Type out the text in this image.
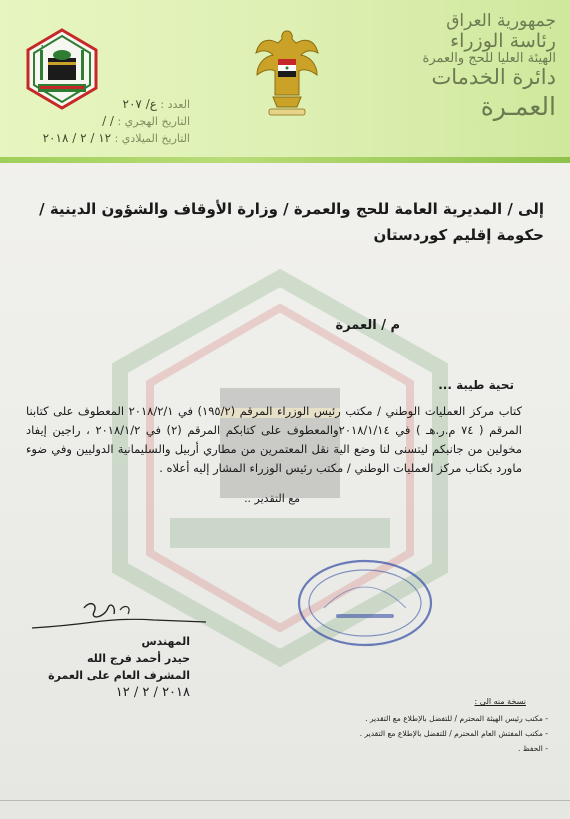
جمهورية العراق
رئاسة الوزراء
الهيئة العليا للحج والعمرة
دائرة الخدمات
العمـرة
العدد : ع/ ٢٠٧
التاريخ الهجري : / /
التاريخ الميلادي : ١٢ / ٢ / ٢٠١٨
إلى / المديرية العامة للحج والعمرة / وزارة الأوقاف والشؤون الدينية / حكومة إقليم كوردستان
م / العمرة
تحية طيبة ...
كتاب مركز العمليات الوطني / مكتب رئيس الوزراء المرقم (١٩٥/٢) في ٢٠١٨/٢/١ المعطوف على كتابنا المرقم ( ٧٤ م.ر.هـ ) في ٢٠١٨/١/١٤والمعطوف على كتابكم المرقم (٢) في ٢٠١٨/١/٢ ، راجين إيفاد مخولين من جانبكم ليتسنى لنا وضع الية نقل المعتمرين من مطاري أربيل والسليمانية الدوليين وفي ضوء ماورد بكتاب مركز العمليات الوطني / مكتب رئيس الوزراء المشار إليه أعلاه .
مع التقدير ..
المهندس
حيدر أحمد فرج الله
المشرف العام على العمرة
٢٠١٨ / ٢ / ١٢
نسخة منه الى :
- مكتب رئيس الهيئة المحترم / للتفضل بالإطلاع مع التقدير .
- مكتب المفتش العام المحترم / للتفضل بالإطلاع مع التقدير .
- الحفظ .
